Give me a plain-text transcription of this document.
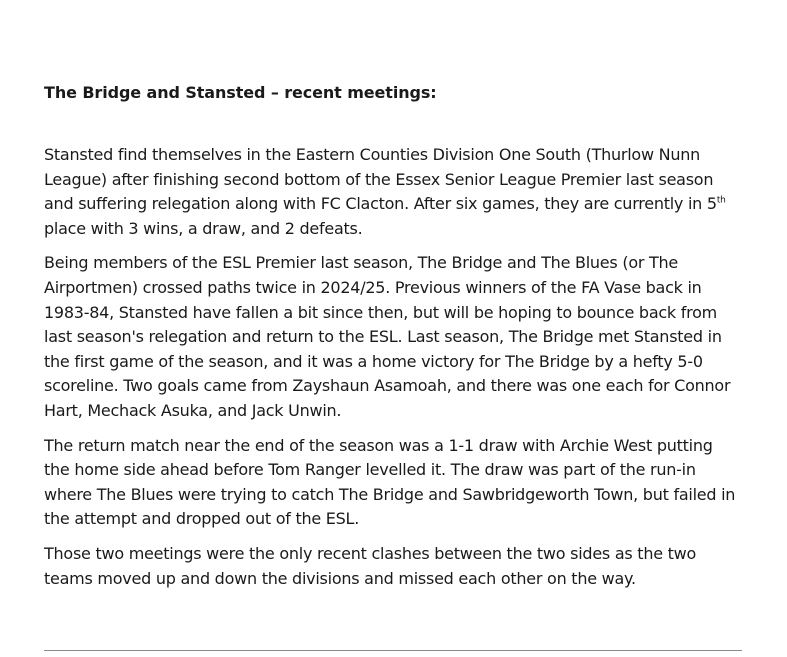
The Bridge and Stansted – recent meetings:

Stansted find themselves in the Eastern Counties Division One South (Thurlow Nunn League) after finishing second bottom of the Essex Senior League Premier last season and suffering relegation along with FC Clacton. After six games, they are currently in 5th place with 3 wins, a draw, and 2 defeats.

Being members of the ESL Premier last season, The Bridge and The Blues (or The Airportmen) crossed paths twice in 2024/25. Previous winners of the FA Vase back in 1983-84, Stansted have fallen a bit since then, but will be hoping to bounce back from last season's relegation and return to the ESL. Last season, The Bridge met Stansted in the first game of the season, and it was a home victory for The Bridge by a hefty 5-0 scoreline. Two goals came from Zayshaun Asamoah, and there was one each for Connor Hart, Mechack Asuka, and Jack Unwin.

The return match near the end of the season was a 1-1 draw with Archie West putting the home side ahead before Tom Ranger levelled it. The draw was part of the run-in where The Blues were trying to catch The Bridge and Sawbridgeworth Town, but failed in the attempt and dropped out of the ESL.

Those two meetings were the only recent clashes between the two sides as the two teams moved up and down the divisions and missed each other on the way.
